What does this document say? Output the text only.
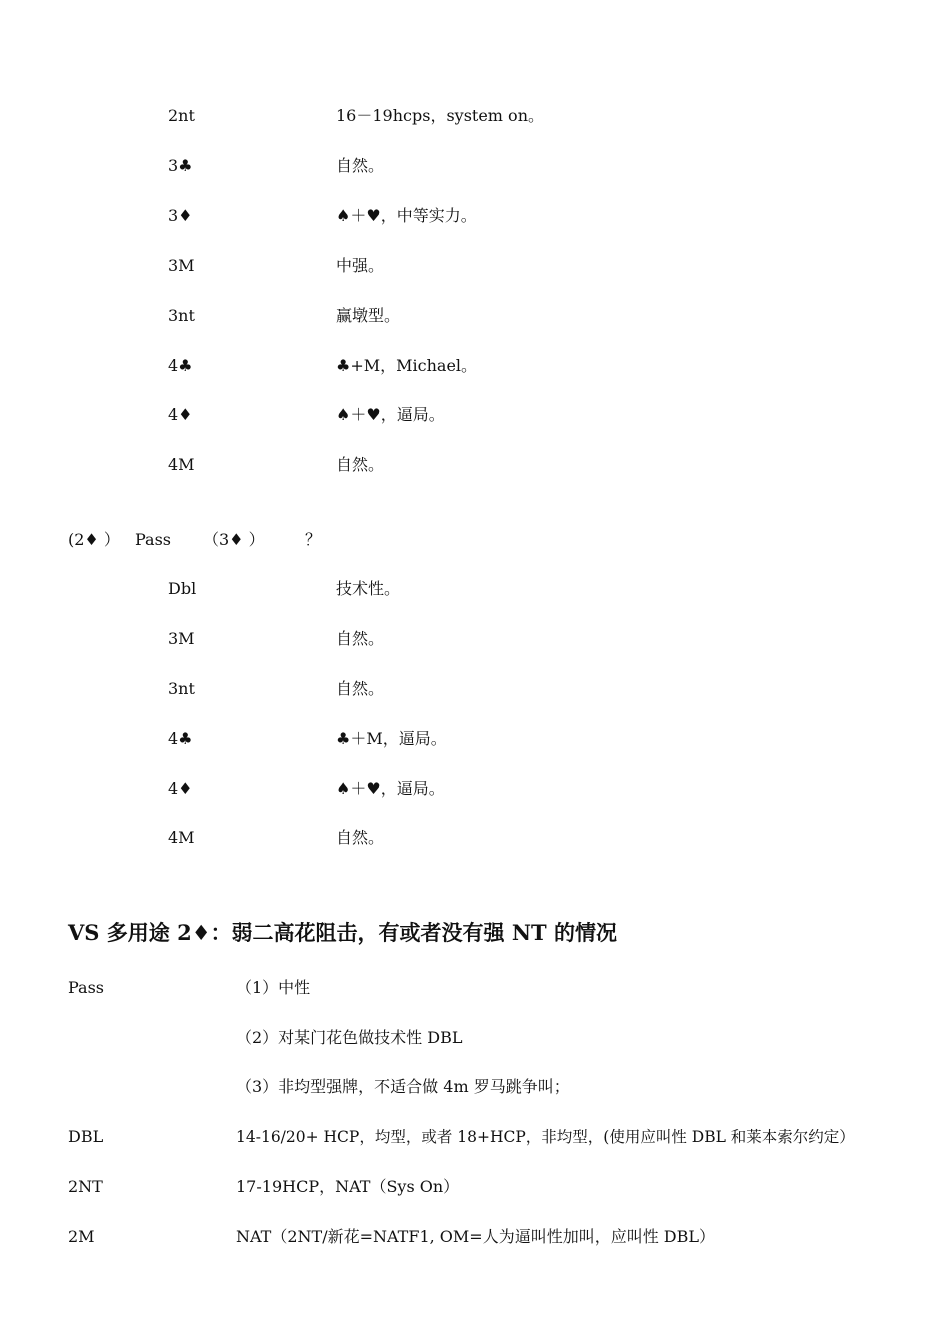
2nt	16－19hcps，system on。
3♣	自然。
3♦	♠＋♥，中等实力。
3M	中强。
3nt	赢墩型。
4♣	♣+M，Michael。
4♦	♠＋♥，逼局。
4M	自然。
(2♦ ） Pass （3♦ ）	？
Dbl	技术性。
3M	自然。
3nt	自然。
4♣	♣＋M，逼局。
4♦	♠＋♥，逼局。
4M	自然。
VS 多用途 2♦：弱二高花阻击，有或者没有强 NT 的情况
Pass	（1）中性
（2）对某门花色做技术性 DBL
（3）非均型强牌，不适合做 4m 罗马跳争叫；
DBL	14-16/20+ HCP，均型，或者 18+HCP，非均型，(使用应叫性 DBL 和莱本索尔约定）
2NT	17-19HCP，NAT（Sys On）
2M	NAT（2NT/新花=NATF1, OM=人为逼叫性加叫，应叫性 DBL）
